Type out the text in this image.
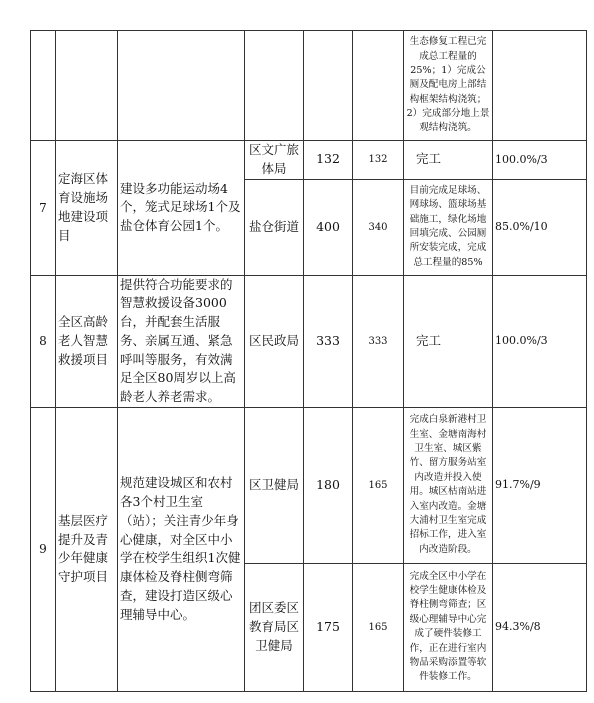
						生态修复工程已完成总工程量的25%；1）完成公厕及配电房上部结构框架结构浇筑；2）完成部分地上景观结构浇筑。	

7	定海区体育设施场地建设项目	建设多功能运动场4个，笼式足球场1个及盐仓体育公园1个。	区文广旅体局	132	132	完工	100.0%/3
			盐仓街道	400	340	目前完成足球场、网球场、篮球场基础施工，绿化场地回填完成、公园厕所安装完成，完成总工程量的85%	85.0%/10
8	全区高龄老人智慧救援项目	提供符合功能要求的智慧救援设备3000台，并配套生活服务、亲属互通、紧急呼叫等服务，有效满足全区80周岁以上高龄老人养老需求。	区民政局	333	333	完工	100.0%/3
9	基层医疗提升及青少年健康守护项目	规范建设城区和农村各3个村卫生室（站）；关注青少年身心健康，对全区中小学在校学生组织1次健康体检及脊柱侧弯筛查，建设打造区级心理辅导中心。	区卫健局	180	165	完成白泉新港村卫生室、金塘南海村卫生室、城区紫竹、留方服务站室内改造并投入使用。城区枯南站进入室内改造。金塘大浦村卫生室完成招标工作，进入室内改造阶段。	91.7%/9
			团区委区教育局区卫健局	175	165	完成全区中小学在校学生健康体检及脊柱侧弯筛查；区级心理辅导中心完成了硬件装修工作，正在进行室内物品采购添置等软件装修工作。	94.3%/8
